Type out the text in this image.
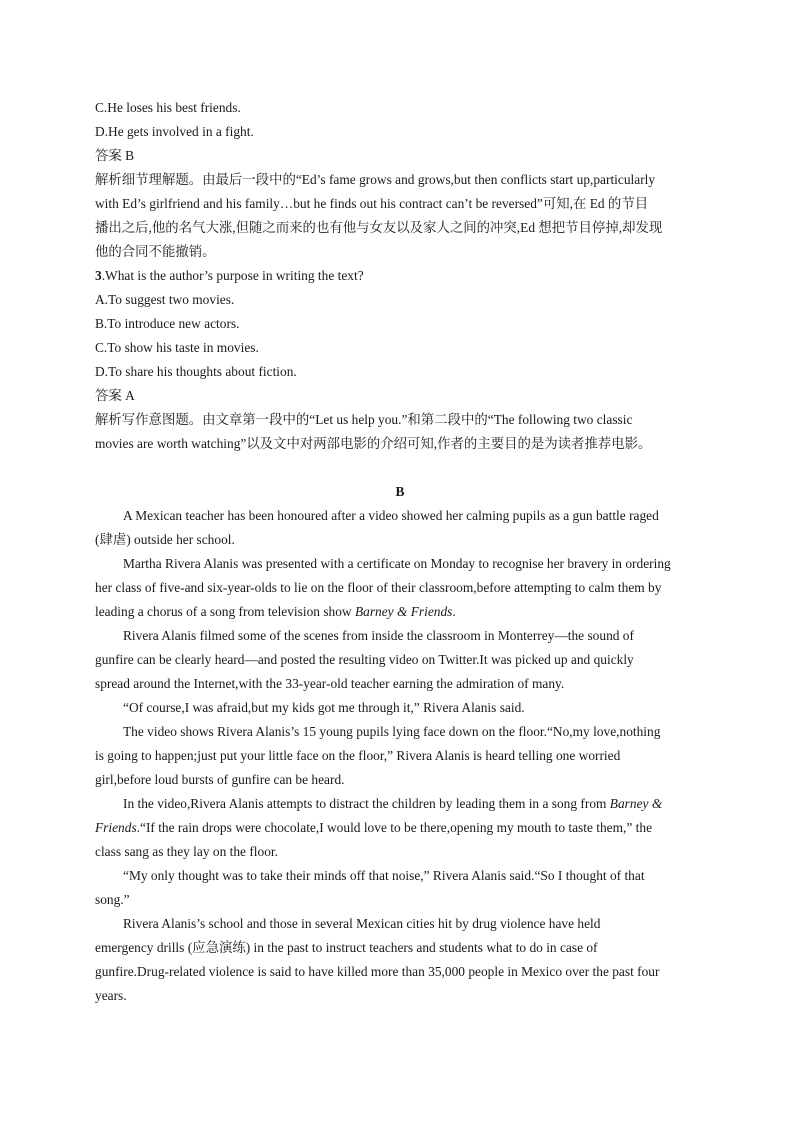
C.He loses his best friends.
D.He gets involved in a fight.
答案 B
解析细节理解题。由最后一段中的“Ed’s fame grows and grows,but then conflicts start up,particularly
with Ed’s girlfriend and his family…but he finds out his contract can’t be reversed”可知,在 Ed 的节目
播出之后,他的名气大涨,但随之而来的也有他与女友以及家人之间的冲突,Ed 想把节目停掉,却发现
他的合同不能撤销。
3.What is the author’s purpose in writing the text?
A.To suggest two movies.
B.To introduce new actors.
C.To show his taste in movies.
D.To share his thoughts about fiction.
答案 A
解析写作意图题。由文章第一段中的“Let us help you.”和第二段中的“The following two classic
movies are worth watching”以及文中对两部电影的介绍可知,作者的主要目的是为读者推荐电影。
B
A Mexican teacher has been honoured after a video showed her calming pupils as a gun battle raged
(肆虐) outside her school.
Martha Rivera Alanis was presented with a certificate on Monday to recognise her bravery in ordering
her class of five-and six-year-olds to lie on the floor of their classroom,before attempting to calm them by
leading a chorus of a song from television show Barney & Friends.
Rivera Alanis filmed some of the scenes from inside the classroom in Monterrey—the sound of
gunfire can be clearly heard—and posted the resulting video on Twitter.It was picked up and quickly
spread around the Internet,with the 33-year-old teacher earning the admiration of many.
“Of course,I was afraid,but my kids got me through it,” Rivera Alanis said.
The video shows Rivera Alanis’s 15 young pupils lying face down on the floor.“No,my love,nothing
is going to happen;just put your little face on the floor,” Rivera Alanis is heard telling one worried
girl,before loud bursts of gunfire can be heard.
In the video,Rivera Alanis attempts to distract the children by leading them in a song from Barney &
Friends.“If the rain drops were chocolate,I would love to be there,opening my mouth to taste them,” the
class sang as they lay on the floor.
“My only thought was to take their minds off that noise,” Rivera Alanis said.“So I thought of that
song.”
Rivera Alanis’s school and those in several Mexican cities hit by drug violence have held
emergency drills (应急演练) in the past to instruct teachers and students what to do in case of
gunfire.Drug-related violence is said to have killed more than 35,000 people in Mexico over the past four
years.
